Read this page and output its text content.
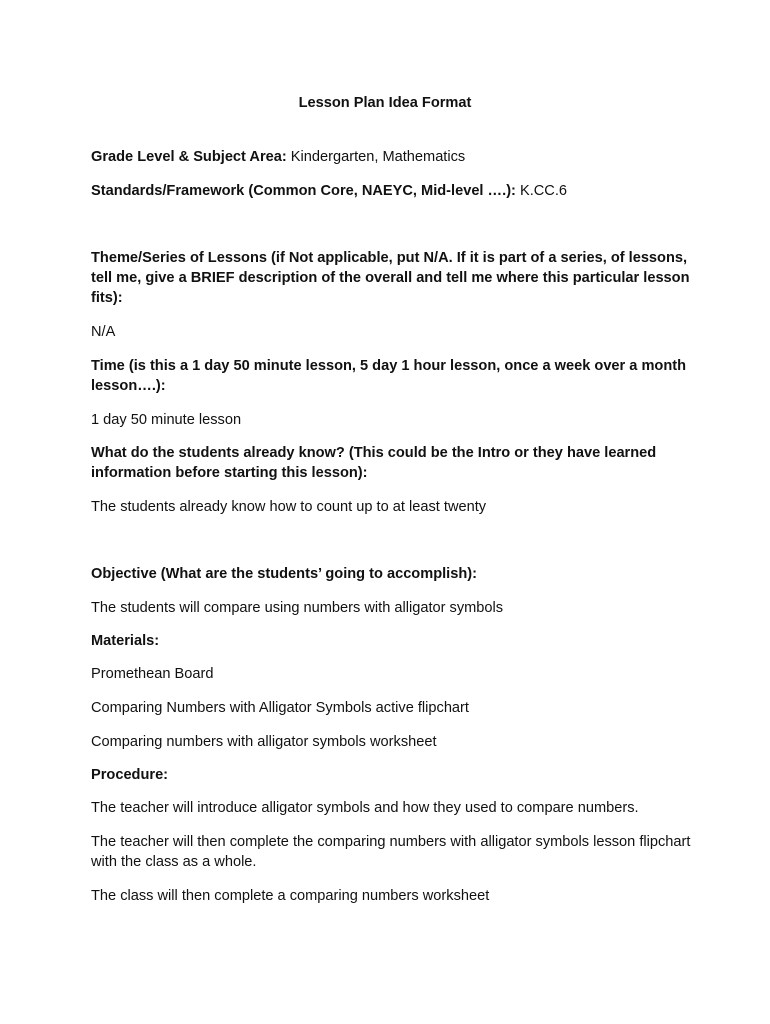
Lesson Plan Idea Format
Grade Level & Subject Area: Kindergarten, Mathematics
Standards/Framework (Common Core, NAEYC, Mid-level ….): K.CC.6
Theme/Series of Lessons (if Not applicable, put N/A. If it is part of a series, of lessons, tell me, give a BRIEF description of the overall and tell me where this particular lesson fits):
N/A
Time (is this a 1 day 50 minute lesson, 5 day 1 hour lesson, once a week over a month lesson….):
1 day 50 minute lesson
What do the students already know? (This could be the Intro or they have learned information before starting this lesson):
The students already know how to count up to at least twenty
Objective (What are the students’ going to accomplish):
The students will compare using numbers with alligator symbols
Materials:
Promethean Board
Comparing Numbers with Alligator Symbols active flipchart
Comparing numbers with alligator symbols worksheet
Procedure:
The teacher will introduce alligator symbols and how they used to compare numbers.
The teacher will then complete the comparing numbers with alligator symbols lesson flipchart with the class as a whole.
The class will then complete a comparing numbers worksheet
